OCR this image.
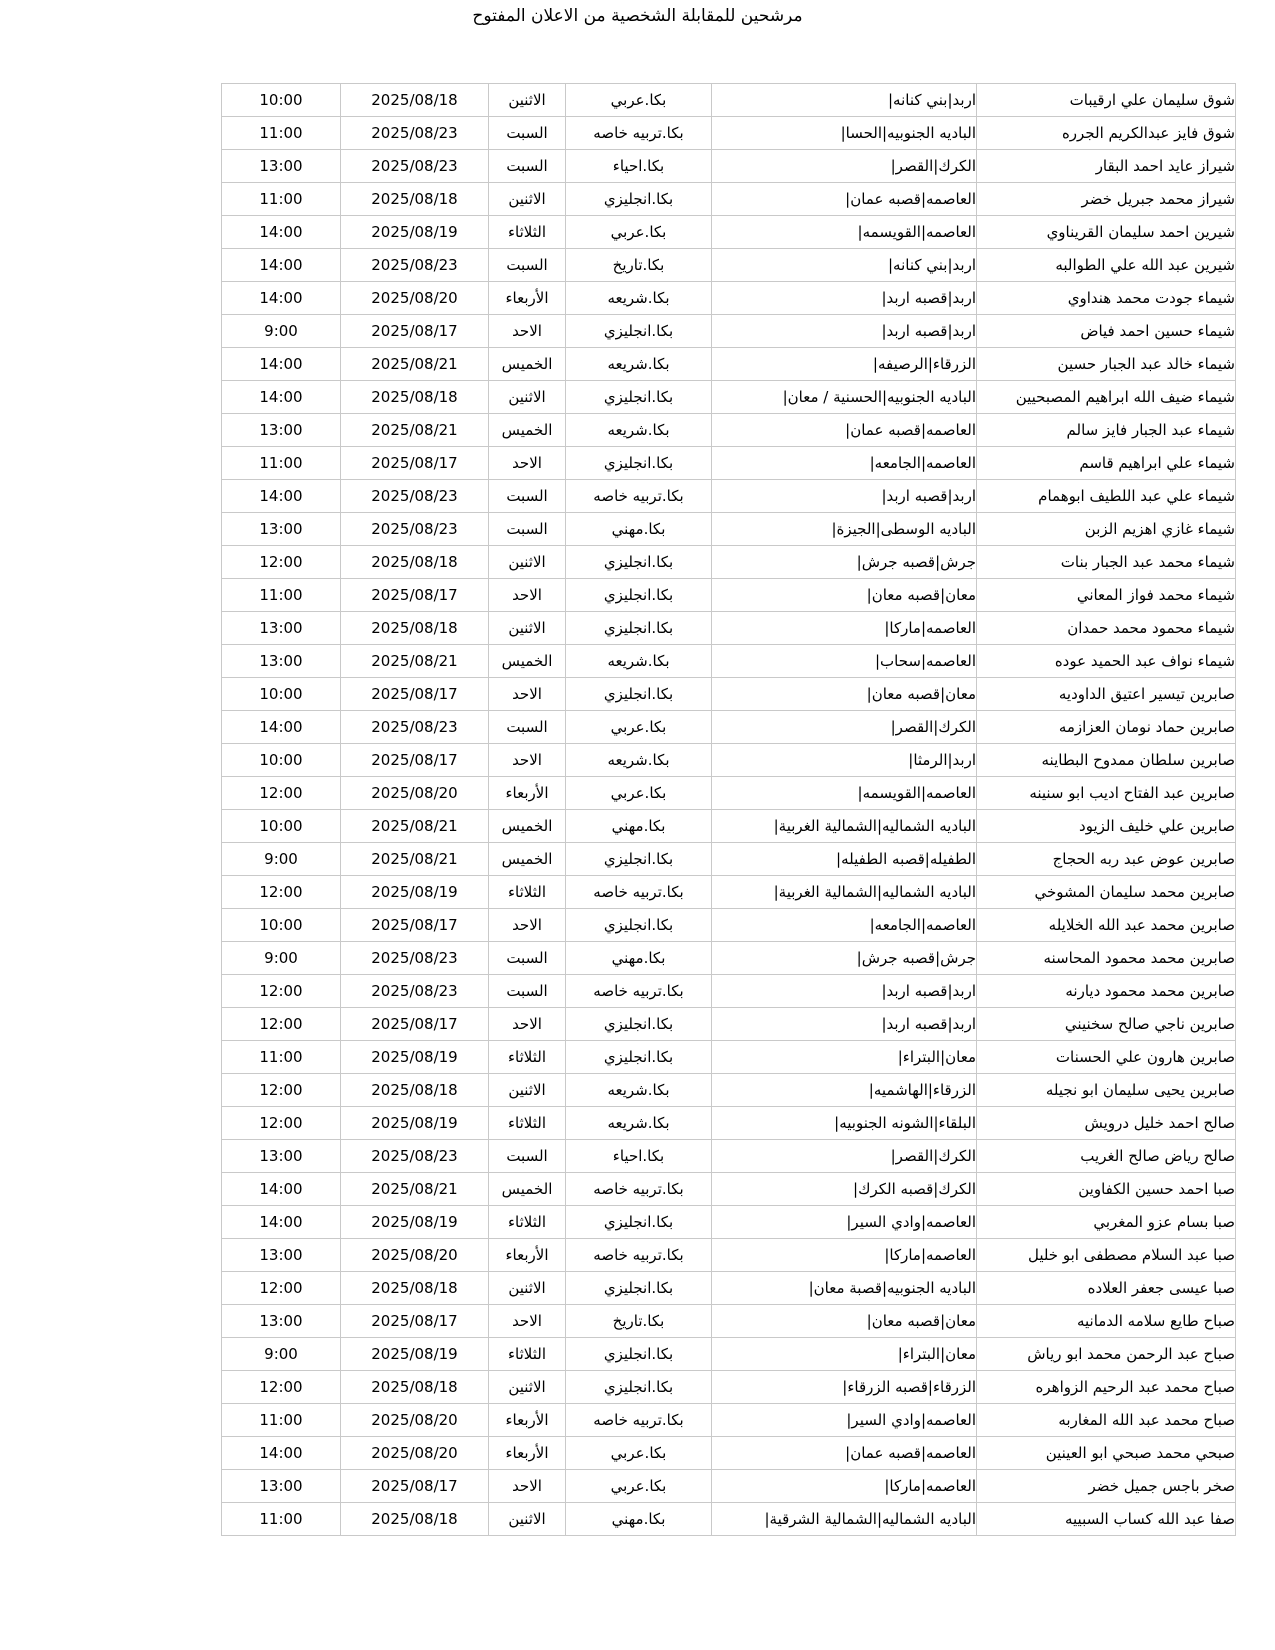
مرشحين للمقابلة الشخصية من الاعلان المفتوح
شوق سليمان علي ارقيبات	اربد|بني كنانه|	بكا.عربي	الاثنين	2025/08/18	10:00
شوق فايز عبدالكريم الجرره	الباديه الجنوبيه|الحسا|	بكا.تربيه خاصه	السبت	2025/08/23	11:00
شيراز عايد احمد البقار	الكرك|القصر|	بكا.احياء	السبت	2025/08/23	13:00
شيراز محمد جبريل خضر	العاصمه|قصبه عمان|	بكا.انجليزي	الاثنين	2025/08/18	11:00
شيرين احمد سليمان القريناوي	العاصمه|القويسمه|	بكا.عربي	الثلاثاء	2025/08/19	14:00
شيرين عبد الله علي الطوالبه	اربد|بني كنانه|	بكا.تاريخ	السبت	2025/08/23	14:00
شيماء جودت محمد هنداوي	اربد|قصبه اربد|	بكا.شريعه	الأربعاء	2025/08/20	14:00
شيماء حسين احمد فياض	اربد|قصبه اربد|	بكا.انجليزي	الاحد	2025/08/17	9:00
شيماء خالد عبد الجبار حسين	الزرقاء|الرصيفه|	بكا.شريعه	الخميس	2025/08/21	14:00
شيماء ضيف الله ابراهيم المصبحيين	الباديه الجنوبيه|الحسنية / معان|	بكا.انجليزي	الاثنين	2025/08/18	14:00
شيماء عبد الجبار فايز سالم	العاصمه|قصبه عمان|	بكا.شريعه	الخميس	2025/08/21	13:00
شيماء علي ابراهيم قاسم	العاصمه|الجامعه|	بكا.انجليزي	الاحد	2025/08/17	11:00
شيماء علي عبد اللطيف ابوهمام	اربد|قصبه اربد|	بكا.تربيه خاصه	السبت	2025/08/23	14:00
شيماء غازي اهزيم الزبن	الباديه الوسطى|الجيزة|	بكا.مهني	السبت	2025/08/23	13:00
شيماء محمد عبد الجبار بنات	جرش|قصبه جرش|	بكا.انجليزي	الاثنين	2025/08/18	12:00
شيماء محمد فواز المعاني	معان|قصبه معان|	بكا.انجليزي	الاحد	2025/08/17	11:00
شيماء محمود محمد حمدان	العاصمه|ماركا|	بكا.انجليزي	الاثنين	2025/08/18	13:00
شيماء نواف عبد الحميد عوده	العاصمه|سحاب|	بكا.شريعه	الخميس	2025/08/21	13:00
صابرين تيسير اعتيق الداوديه	معان|قصبه معان|	بكا.انجليزي	الاحد	2025/08/17	10:00
صابرين حماد نومان العزازمه	الكرك|القصر|	بكا.عربي	السبت	2025/08/23	14:00
صابرين سلطان ممدوح البطاينه	اربد|الرمثا|	بكا.شريعه	الاحد	2025/08/17	10:00
صابرين عبد الفتاح اديب ابو سنينه	العاصمه|القويسمه|	بكا.عربي	الأربعاء	2025/08/20	12:00
صابرين علي خليف الزيود	الباديه الشماليه|الشمالية الغربية|	بكا.مهني	الخميس	2025/08/21	10:00
صابرين عوض عبد ربه الحجاج	الطفيله|قصبه الطفيله|	بكا.انجليزي	الخميس	2025/08/21	9:00
صابرين محمد سليمان المشوخي	الباديه الشماليه|الشمالية الغربية|	بكا.تربيه خاصه	الثلاثاء	2025/08/19	12:00
صابرين محمد عبد الله الخلايله	العاصمه|الجامعه|	بكا.انجليزي	الاحد	2025/08/17	10:00
صابرين محمد محمود المحاسنه	جرش|قصبه جرش|	بكا.مهني	السبت	2025/08/23	9:00
صابرين محمد محمود ديارنه	اربد|قصبه اربد|	بكا.تربيه خاصه	السبت	2025/08/23	12:00
صابرين ناجي صالح سخنيني	اربد|قصبه اربد|	بكا.انجليزي	الاحد	2025/08/17	12:00
صابرين هارون علي الحسنات	معان|البتراء|	بكا.انجليزي	الثلاثاء	2025/08/19	11:00
صابرين يحيى سليمان ابو نجيله	الزرقاء|الهاشميه|	بكا.شريعه	الاثنين	2025/08/18	12:00
صالح احمد خليل درويش	البلقاء|الشونه الجنوبيه|	بكا.شريعه	الثلاثاء	2025/08/19	12:00
صالح رياض صالح الغريب	الكرك|القصر|	بكا.احياء	السبت	2025/08/23	13:00
صبا احمد حسين الكفاوين	الكرك|قصبه الكرك|	بكا.تربيه خاصه	الخميس	2025/08/21	14:00
صبا بسام عزو المغربي	العاصمه|وادي السير|	بكا.انجليزي	الثلاثاء	2025/08/19	14:00
صبا عبد السلام مصطفى ابو خليل	العاصمه|ماركا|	بكا.تربيه خاصه	الأربعاء	2025/08/20	13:00
صبا عيسى جعفر العلاده	الباديه الجنوبيه|قصبة معان|	بكا.انجليزي	الاثنين	2025/08/18	12:00
صباح طايع سلامه الدمانيه	معان|قصبه معان|	بكا.تاريخ	الاحد	2025/08/17	13:00
صباح عبد الرحمن محمد ابو رياش	معان|البتراء|	بكا.انجليزي	الثلاثاء	2025/08/19	9:00
صباح محمد عبد الرحيم الزواهره	الزرقاء|قصبه الزرقاء|	بكا.انجليزي	الاثنين	2025/08/18	12:00
صباح محمد عبد الله المغاربه	العاصمه|وادي السير|	بكا.تربيه خاصه	الأربعاء	2025/08/20	11:00
صبحي محمد صبحي ابو العينين	العاصمه|قصبه عمان|	بكا.عربي	الأربعاء	2025/08/20	14:00
صخر باجس جميل خضر	العاصمه|ماركا|	بكا.عربي	الاحد	2025/08/17	13:00
صفا عبد الله كساب السبييه	الباديه الشماليه|الشمالية الشرقية|	بكا.مهني	الاثنين	2025/08/18	11:00
